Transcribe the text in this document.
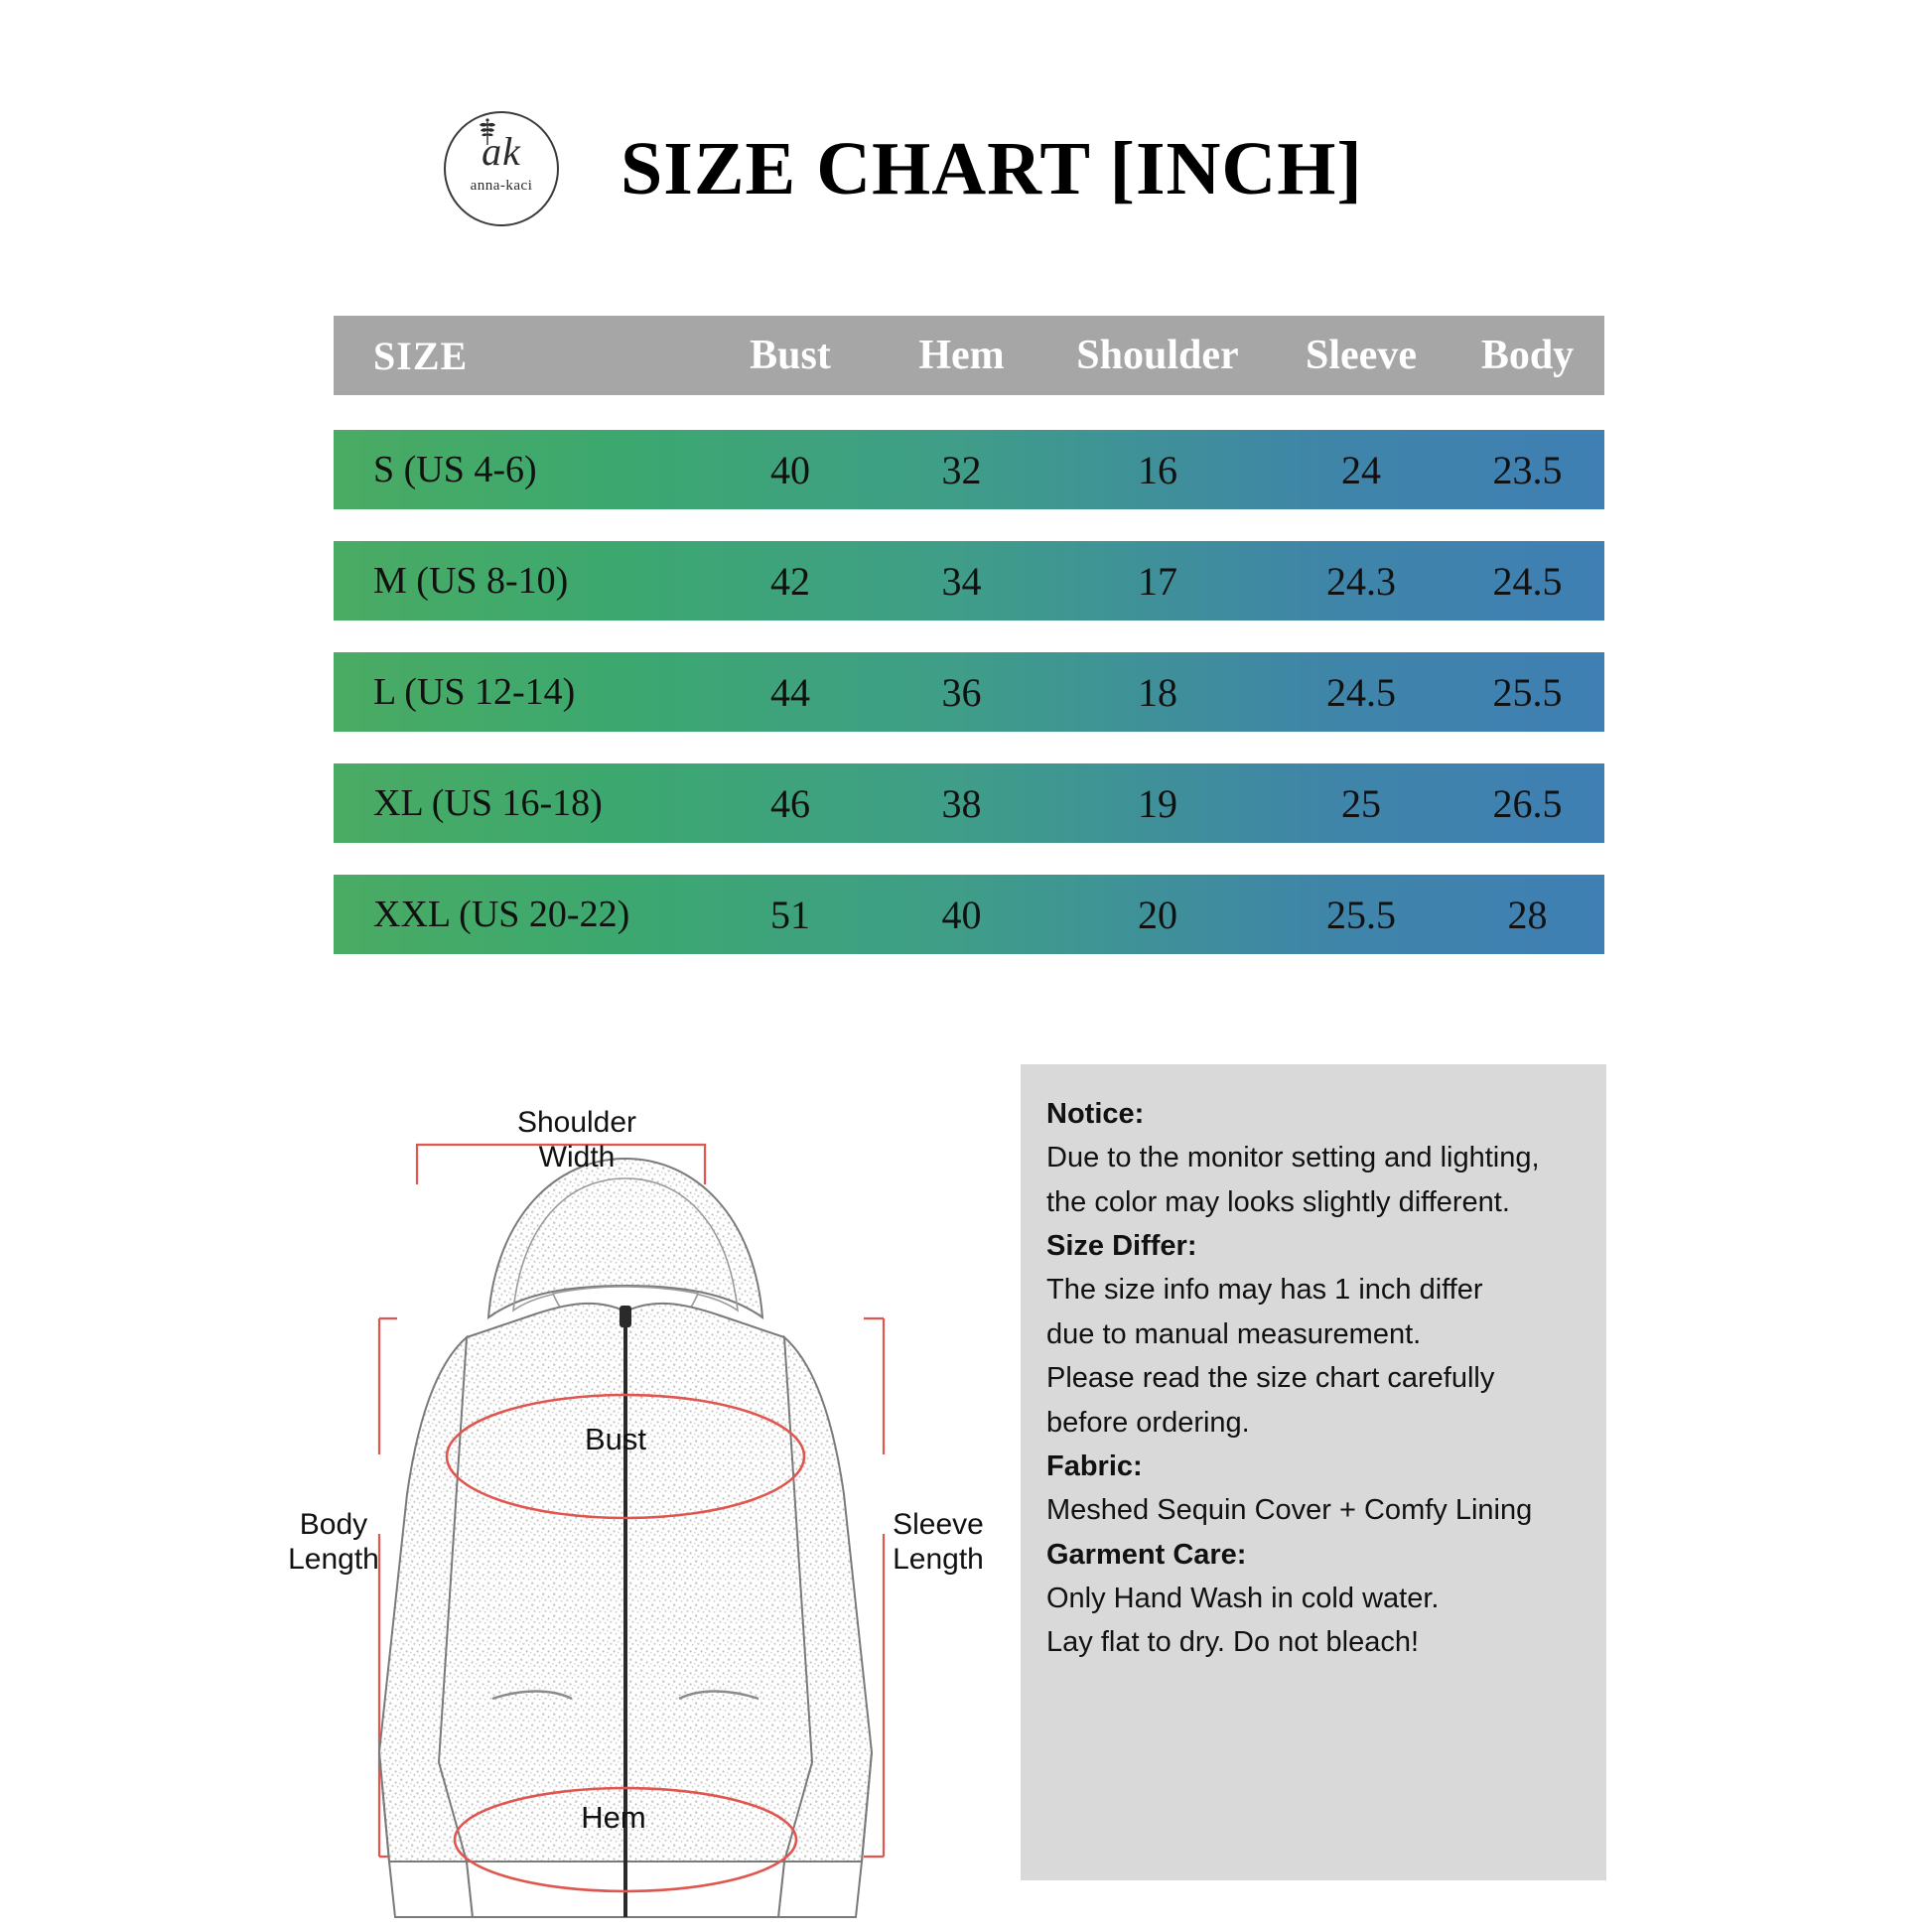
ak
anna-kaci	SIZE CHART [INCH]
SIZE	Bust	Hem	Shoulder	Sleeve	Body
S (US 4-6)	40	32	16	24	23.5
M (US 8-10)	42	34	17	24.3	24.5
L (US 12-14)	44	36	18	24.5	25.5
XL (US 16-18)	46	38	19	25	26.5
XXL (US 20-22)	51	40	20	25.5	28
Shoulder
Width
Body
Length
Sleeve
Length
Bust
Hem

Notice:

Due to the monitor setting and lighting,

the color may looks slightly different.

Size Differ:

The size info may has 1 inch differ

due to manual measurement.

Please read the size chart carefully

before ordering.

Fabric:

Meshed Sequin Cover + Comfy Lining

Garment Care:

Only Hand Wash in cold water.

Lay flat to dry. Do not bleach!
